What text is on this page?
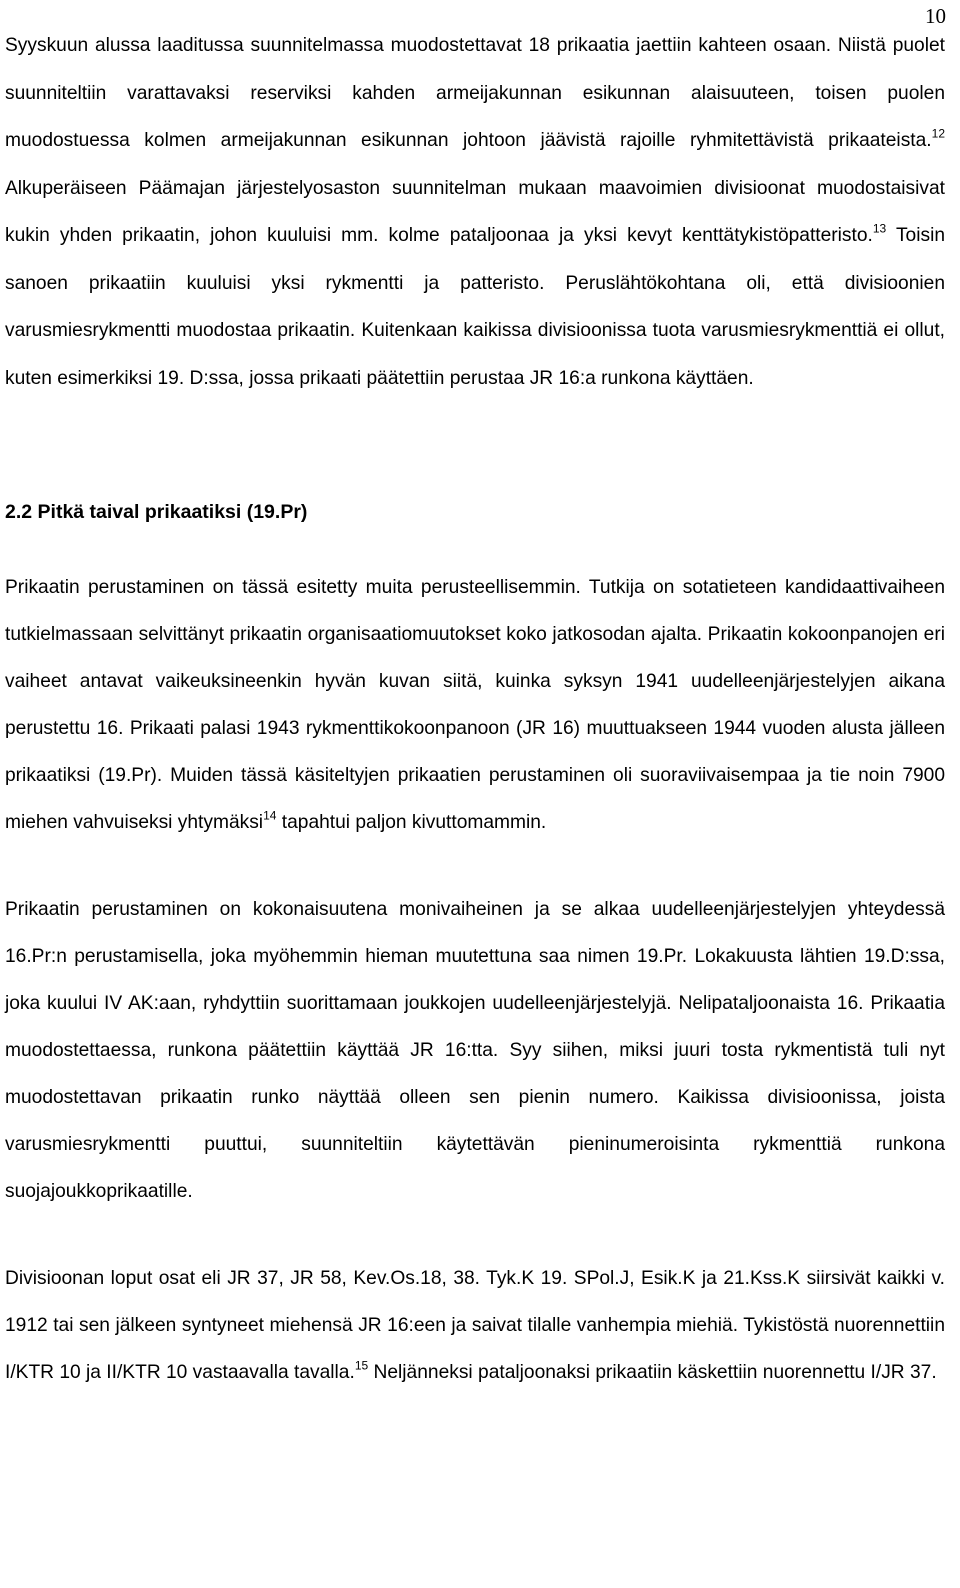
10

Syyskuun alussa laaditussa suunnitelmassa muodostettavat 18 prikaatia jaettiin kahteen osaan. Niistä puolet suunniteltiin varattavaksi reserviksi kahden armeijakunnan esikunnan alaisuuteen, toisen puolen muodostuessa kolmen armeijakunnan esikunnan johtoon jäävistä rajoille ryhmitettävistä prikaateista.$^{12}$ Alkuperäiseen Päämajan järjestelyosaston suunnitelman mukaan maavoimien divisioonat muodostaisivat kukin yhden prikaatin, johon kuuluisi mm. kolme pataljoonaa ja yksi kevyt kenttätykistöpatteristo.$^{13}$ Toisin sanoen prikaatiin kuuluisi yksi rykmentti ja patteristo. Peruslähtökohtana oli, että divisioonien varusmiesrykmentti muodostaa prikaatin. Kuitenkaan kaikissa divisioonissa tuota varusmiesrykmenttiä ei ollut, kuten esimerkiksi 19. D:ssa, jossa prikaati päätettiin perustaa JR 16:a runkona käyttäen.

2.2 Pitkä taival prikaatiksi (19.Pr)

Prikaatin perustaminen on tässä esitetty muita perusteellisemmin. Tutkija on sotatieteen kandidaattivaiheen tutkielmassaan selvittänyt prikaatin organisaatiomuutokset koko jatkosodan ajalta. Prikaatin kokoonpanojen eri vaiheet antavat vaikeuksineenkin hyvän kuvan siitä, kuinka syksyn 1941 uudelleenjärjestelyjen aikana perustettu 16. Prikaati palasi 1943 rykmenttikokoonpanoon (JR 16) muuttuakseen 1944 vuoden alusta jälleen prikaatiksi (19.Pr). Muiden tässä käsiteltyjen prikaatien perustaminen oli suoraviivaisempaa ja tie noin 7900 miehen vahvuiseksi yhtymäksi$^{14}$ tapahtui paljon kivuttomammin.

Prikaatin perustaminen on kokonaisuutena monivaiheinen ja se alkaa uudelleenjärjestelyjen yhteydessä 16.Pr:n perustamisella, joka myöhemmin hieman muutettuna saa nimen 19.Pr. Lokakuusta lähtien 19.D:ssa, joka kuului IV AK:aan, ryhdyttiin suorittamaan joukkojen uudelleenjärjestelyjä. Nelipataljoonaista 16. Prikaatia muodostettaessa, runkona päätettiin käyttää JR 16:tta. Syy siihen, miksi juuri tosta rykmentistä tuli nyt muodostettavan prikaatin runko näyttää olleen sen pienin numero. Kaikissa divisioonissa, joista varusmiesrykmentti puuttui, suunniteltiin käytettävän pieninumeroisinta rykmenttiä runkona suojajoukkoprikaatille.

Divisioonan loput osat eli JR 37, JR 58, Kev.Os.18, 38. Tyk.K 19. SPol.J, Esik.K ja 21.Kss.K siirsivät kaikki v. 1912 tai sen jälkeen syntyneet miehensä JR 16:een ja saivat tilalle vanhempia miehiä. Tykistöstä nuorennettiin I/KTR 10 ja II/KTR 10 vastaavalla tavalla.$^{15}$ Neljänneksi pataljoonaksi prikaatiin käskettiin nuorennettu I/JR 37.
